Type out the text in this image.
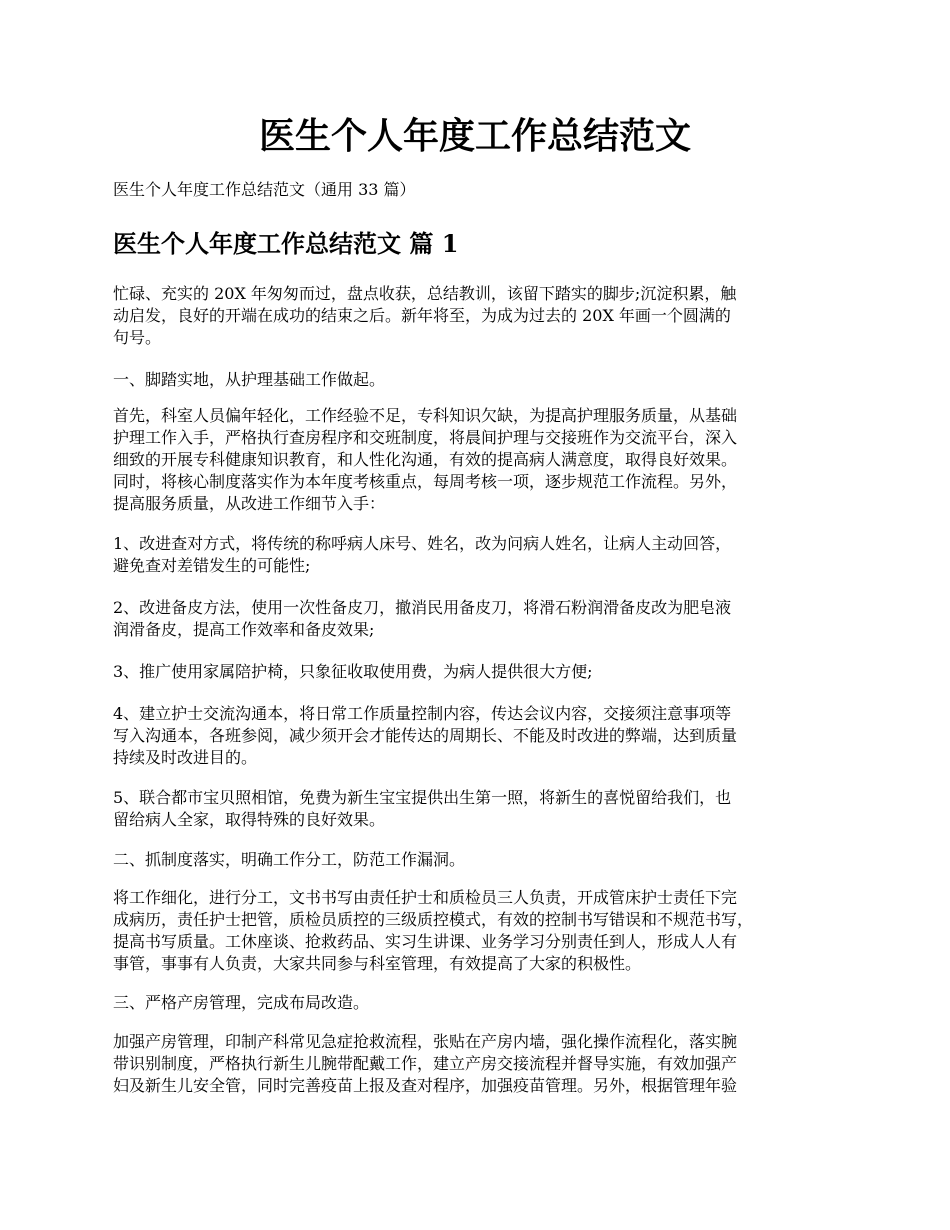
医生个人年度工作总结范文

医生个人年度工作总结范文（通用 33 篇）

医生个人年度工作总结范文 篇 1

忙碌、充实的 20X 年匆匆而过，盘点收获，总结教训，该留下踏实的脚步;沉淀积累，触
动启发，良好的开端在成功的结束之后。新年将至，为成为过去的 20X 年画一个圆满的
句号。

一、脚踏实地，从护理基础工作做起。

首先，科室人员偏年轻化，工作经验不足，专科知识欠缺，为提高护理服务质量，从基础
护理工作入手，严格执行查房程序和交班制度，将晨间护理与交接班作为交流平台，深入
细致的开展专科健康知识教育，和人性化沟通，有效的提高病人满意度，取得良好效果。
同时，将核心制度落实作为本年度考核重点，每周考核一项，逐步规范工作流程。另外，
提高服务质量，从改进工作细节入手：

1、改进查对方式，将传统的称呼病人床号、姓名，改为问病人姓名，让病人主动回答，
避免查对差错发生的可能性;

2、改进备皮方法，使用一次性备皮刀，撤消民用备皮刀，将滑石粉润滑备皮改为肥皂液
润滑备皮，提高工作效率和备皮效果;

3、推广使用家属陪护椅，只象征收取使用费，为病人提供很大方便;

4、建立护士交流沟通本，将日常工作质量控制内容，传达会议内容，交接须注意事项等
写入沟通本，各班参阅，减少须开会才能传达的周期长、不能及时改进的弊端，达到质量
持续及时改进目的。

5、联合都市宝贝照相馆，免费为新生宝宝提供出生第一照，将新生的喜悦留给我们，也
留给病人全家，取得特殊的良好效果。

二、抓制度落实，明确工作分工，防范工作漏洞。

将工作细化，进行分工，文书书写由责任护士和质检员三人负责，开成管床护士责任下完
成病历，责任护士把管，质检员质控的三级质控模式，有效的控制书写错误和不规范书写，
提高书写质量。工休座谈、抢救药品、实习生讲课、业务学习分别责任到人，形成人人有
事管，事事有人负责，大家共同参与科室管理，有效提高了大家的积极性。

三、严格产房管理，完成布局改造。

加强产房管理，印制产科常见急症抢救流程，张贴在产房内墙，强化操作流程化，落实腕
带识别制度，严格执行新生儿腕带配戴工作，建立产房交接流程并督导实施，有效加强产
妇及新生儿安全管，同时完善疫苗上报及查对程序，加强疫苗管理。另外，根据管理年验
